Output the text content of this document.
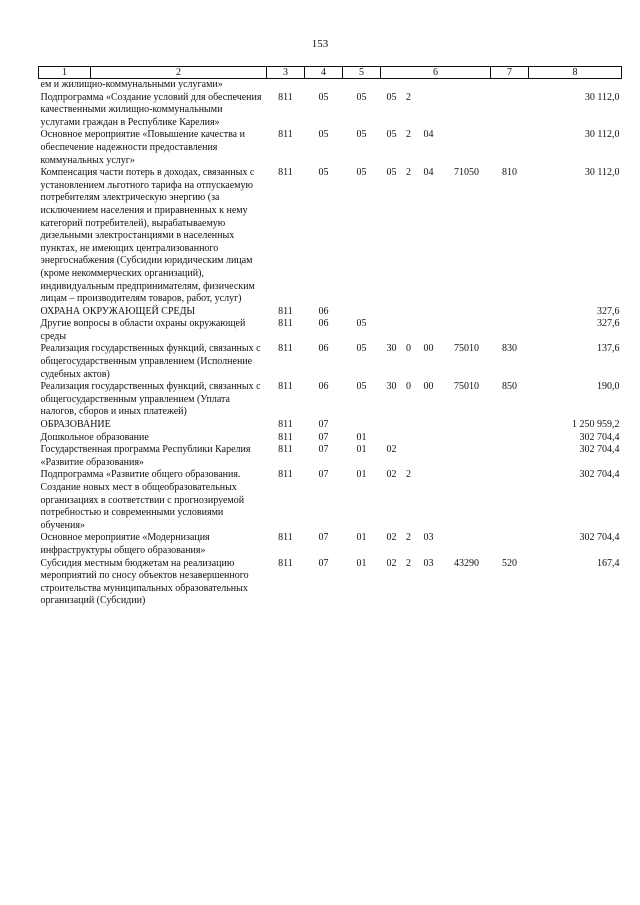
153
1	2	3	4	5	6				7	8
ем и жилищно-коммунальными услугами»										
Подпрограмма «Создание условий для обеспечения качественными жилищно-коммунальными услугами граждан в Республике Карелия»		811	05	05	05	2				30 112,0
Основное мероприятие «Повышение качества и обеспечение надежности предоставления коммунальных услуг»		811	05	05	05	2	04			30 112,0
Компенсация части потерь в доходах, связанных с установлением льготного тарифа на отпускаемую потребителям электрическую энергию (за исключением населения и приравненных к нему категорий потребителей), вырабатываемую дизельными электростанциями в населенных пунктах, не имеющих централизованного энергоснабжения (Субсидии юридическим лицам (кроме некоммерческих организаций), индивидуальным предпринимателям, физическим лицам – производителям товаров, работ, услуг)		811	05	05	05	2	04	71050	810	30 112,0
ОХРАНА ОКРУЖАЮЩЕЙ СРЕДЫ		811	06							327,6
Другие вопросы в области охраны окружающей среды		811	06	05						327,6
Реализация государственных функций, связанных с общегосударственным управлением (Исполнение судебных актов)		811	06	05	30	0	00	75010	830	137,6
Реализация государственных функций, связанных с общегосударственным управлением (Уплата налогов, сборов и иных платежей)		811	06	05	30	0	00	75010	850	190,0
ОБРАЗОВАНИЕ		811	07							1 250 959,2
Дошкольное образование		811	07	01						302 704,4
Государственная программа Республики Карелия «Развитие образования»		811	07	01	02					302 704,4
Подпрограмма «Развитие общего образования. Создание новых мест в общеобразовательных организациях в соответствии с прогнозируемой потребностью и современными условиями обучения»		811	07	01	02	2				302 704,4
Основное мероприятие «Модернизация инфраструктуры общего образования»		811	07	01	02	2	03			302 704,4
Субсидия местным бюджетам на реализацию мероприятий по сносу объектов незавершенного строительства муниципальных образовательных организаций (Субсидии)		811	07	01	02	2	03	43290	520	167,4
